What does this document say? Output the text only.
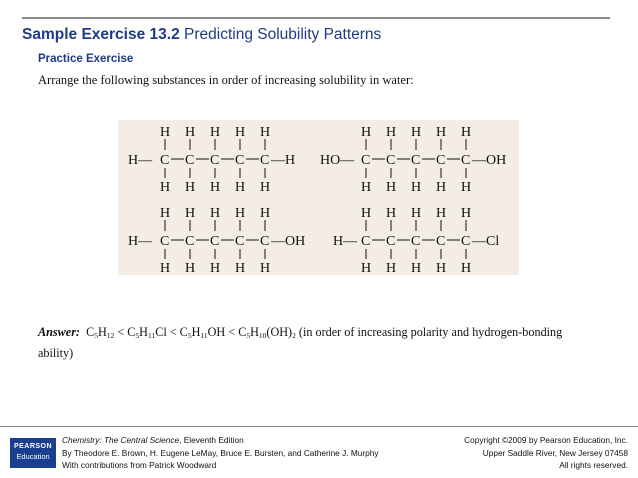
Sample Exercise 13.2 Predicting Solubility Patterns
Practice Exercise
Arrange the following substances in order of increasing solubility in water:
H H H H H
C C C C C
H H H H H
H—	—H
H H H H H
C C C C C
H H H H H
HO—	—OH
H H H H H
C C C C C
H H H H H
H—	—OH
H H H H H
C C C C C
H H H H H
H—	—Cl
Answer: $C_5H_{12} < C_5H_{11}Cl < C_5H_{11}OH < C_5H_{10}(OH)_2$ (in order of increasing polarity and hydrogen-bonding ability)
PEARSON
Education
Chemistry: The Central Science, Eleventh Edition
By Theodore E. Brown, H. Eugene LeMay, Bruce E. Bursten, and Catherine J. Murphy
With contributions from Patrick Woodward
Copyright ©2009 by Pearson Education, Inc.
Upper Saddle River, New Jersey 07458
All rights reserved.
